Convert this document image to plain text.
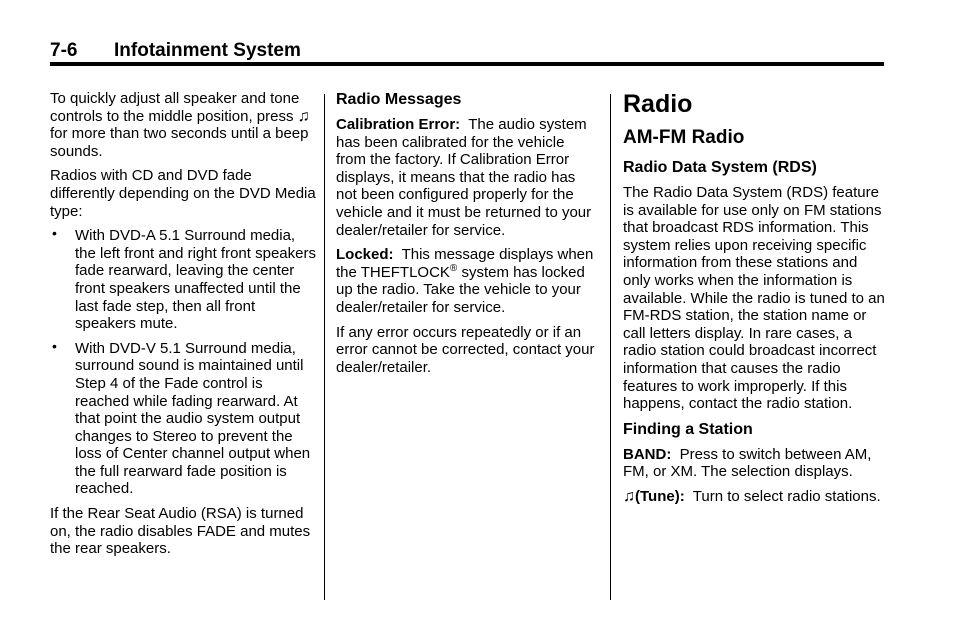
7-6 Infotainment System

To quickly adjust all speaker and tone controls to the middle position, press ♫ for more than two seconds until a beep sounds.

Radios with CD and DVD fade differently depending on the DVD Media type:

• With DVD-A 5.1 Surround media, the left front and right front speakers fade rearward, leaving the center front speakers unaffected until the last fade step, then all front speakers mute.
• With DVD-V 5.1 Surround media, surround sound is maintained until Step 4 of the Fade control is reached while fading rearward. At that point the audio system output changes to Stereo to prevent the loss of Center channel output when the full rearward fade position is reached.

If the Rear Seat Audio (RSA) is turned on, the radio disables FADE and mutes the rear speakers.

Radio Messages

Calibration Error: The audio system has been calibrated for the vehicle from the factory. If Calibration Error displays, it means that the radio has not been configured properly for the vehicle and it must be returned to your dealer/retailer for service.

Locked: This message displays when the THEFTLOCK® system has locked up the radio. Take the vehicle to your dealer/retailer for service.

If any error occurs repeatedly or if an error cannot be corrected, contact your dealer/retailer.

Radio
AM-FM Radio
Radio Data System (RDS)

The Radio Data System (RDS) feature is available for use only on FM stations that broadcast RDS information. This system relies upon receiving specific information from these stations and only works when the information is available. While the radio is tuned to an FM-RDS station, the station name or call letters display. In rare cases, a radio station could broadcast incorrect information that causes the radio features to work improperly. If this happens, contact the radio station.

Finding a Station

BAND: Press to switch between AM, FM, or XM. The selection displays.

♫(Tune): Turn to select radio stations.
